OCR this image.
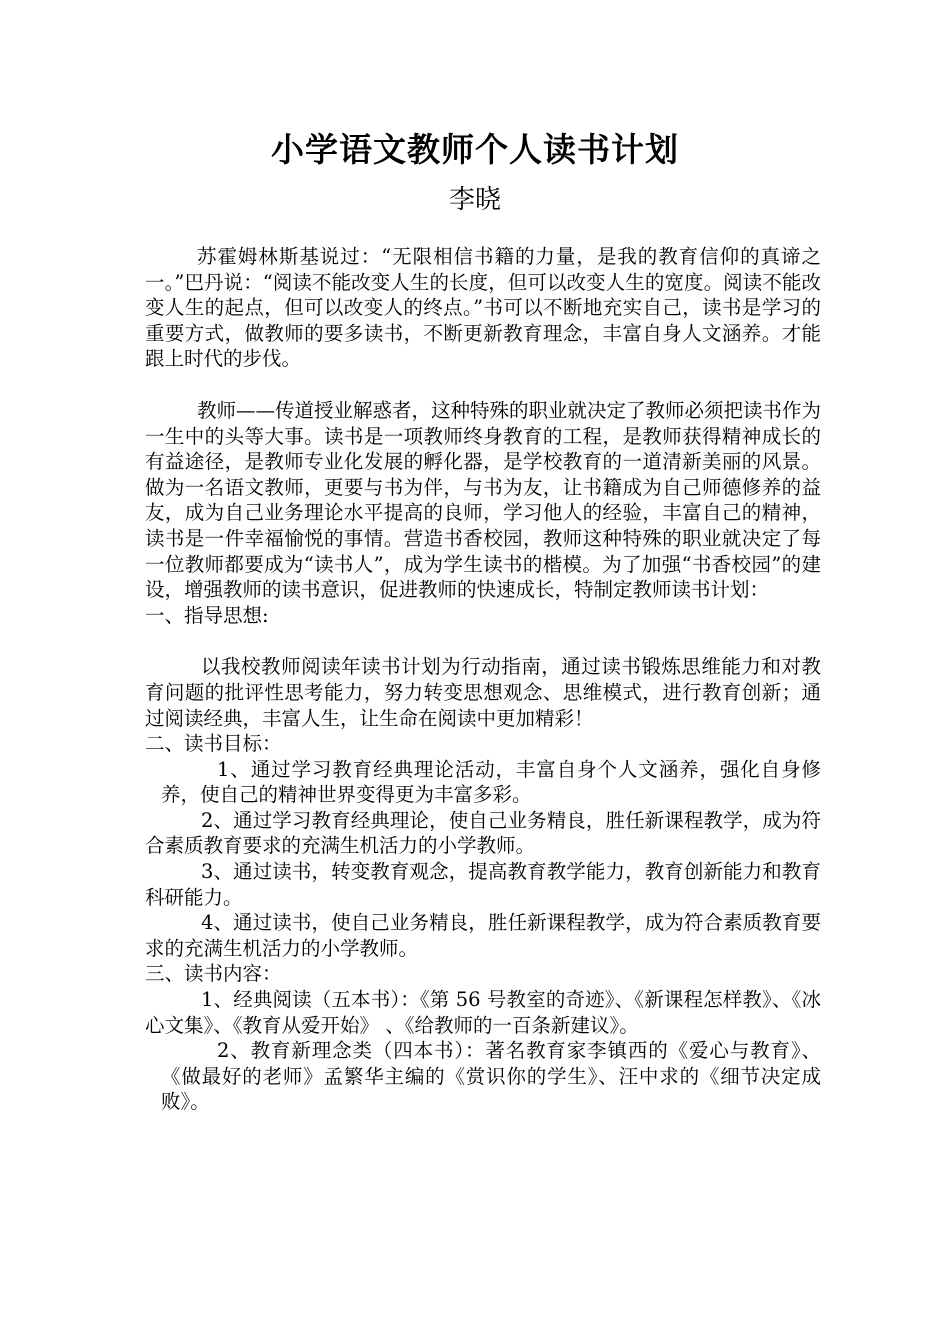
小学语文教师个人读书计划
李晓

苏霍姆林斯基说过：“无限相信书籍的力量，是我的教育信仰的真谛之一。”巴丹说：“阅读不能改变人生的长度，但可以改变人生的宽度。阅读不能改变人生的起点，但可以改变人的终点。”书可以不断地充实自己，读书是学习的重要方式，做教师的要多读书，不断更新教育理念，丰富自身人文涵养。才能跟上时代的步伐。

教师——传道授业解惑者，这种特殊的职业就决定了教师必须把读书作为一生中的头等大事。读书是一项教师终身教育的工程，是教师获得精神成长的有益途径，是教师专业化发展的孵化器，是学校教育的一道清新美丽的风景。做为一名语文教师，更要与书为伴，与书为友，让书籍成为自己师德修养的益友，成为自己业务理论水平提高的良师，学习他人的经验，丰富自己的精神，读书是一件幸福愉悦的事情。营造书香校园，教师这种特殊的职业就决定了每一位教师都要成为“读书人”，成为学生读书的楷模。为了加强“书香校园”的建设，增强教师的读书意识，促进教师的快速成长，特制定教师读书计划：

一、指导思想:

以我校教师阅读年读书计划为行动指南，通过读书锻炼思维能力和对教育问题的批评性思考能力，努力转变思想观念、思维模式，进行教育创新；通过阅读经典，丰富人生，让生命在阅读中更加精彩！

二、读书目标：

1、通过学习教育经典理论活动，丰富自身个人文涵养，强化自身修养，使自己的精神世界变得更为丰富多彩。

2、通过学习教育经典理论，使自己业务精良，胜任新课程教学，成为符合素质教育要求的充满生机活力的小学教师。

3、通过读书，转变教育观念，提高教育教学能力，教育创新能力和教育科研能力。

4、通过读书，使自己业务精良，胜任新课程教学，成为符合素质教育要求的充满生机活力的小学教师。

三、读书内容：

1、经典阅读（五本书）：《第 56 号教室的奇迹》、《新课程怎样教》、《冰心文集》、《教育从爱开始》 、《给教师的一百条新建议》。

2、教育新理念类（四本书）：著名教育家李镇西的《爱心与教育》、《做最好的老师》孟繁华主编的《赏识你的学生》、汪中求的《细节决定成败》。
